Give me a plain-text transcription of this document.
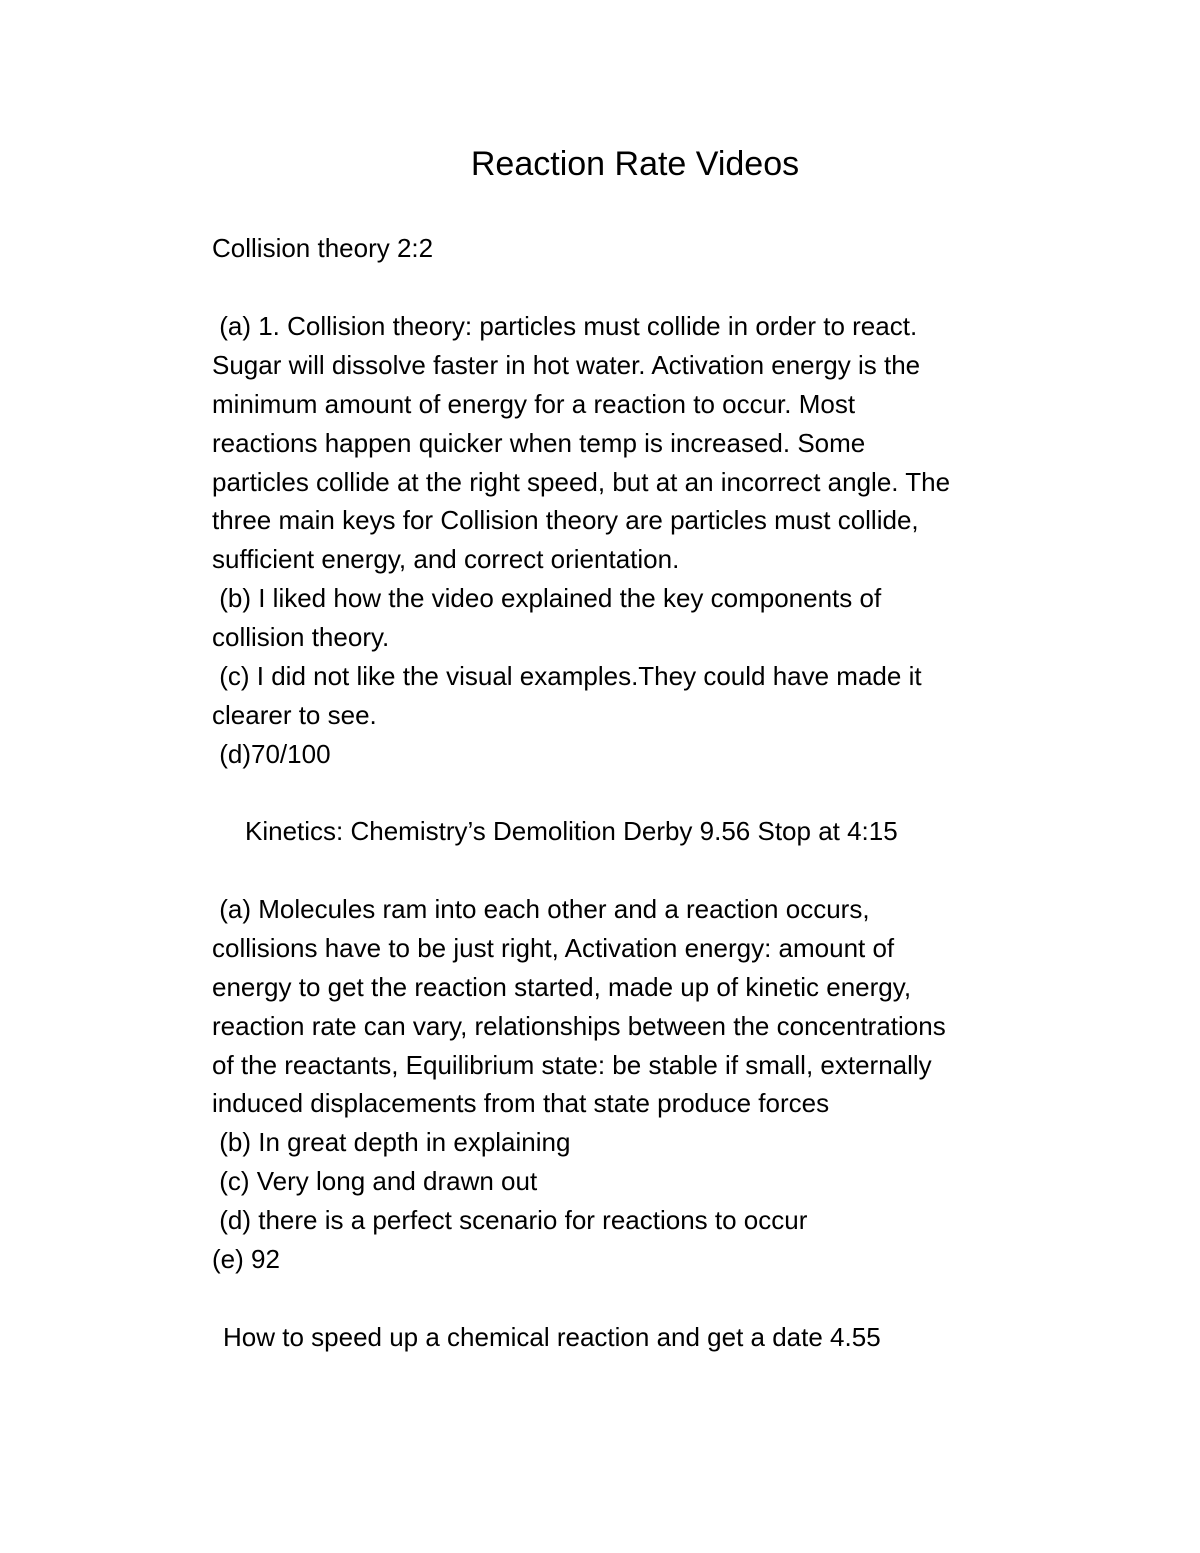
Reaction Rate Videos
Collision theory 2:2
(a) 1. Collision theory: particles must collide in order to react.
Sugar will dissolve faster in hot water. Activation energy is the
minimum amount of energy for a reaction to occur. Most
reactions happen quicker when temp is increased. Some
particles collide at the right speed, but at an incorrect angle. The
three main keys for Collision theory are particles must collide,
sufficient energy, and correct orientation.
(b) I liked how the video explained the key components of
collision theory.
(c) I did not like the visual examples.They could have made it
clearer to see.
(d)70/100
Kinetics: Chemistry’s Demolition Derby 9.56 Stop at 4:15
(a) Molecules ram into each other and a reaction occurs,
collisions have to be just right, Activation energy: amount of
energy to get the reaction started, made up of kinetic energy,
reaction rate can vary, relationships between the concentrations
of the reactants, Equilibrium state: be stable if small, externally
induced displacements from that state produce forces
(b) In great depth in explaining
(c) Very long and drawn out
(d) there is a perfect scenario for reactions to occur
(e) 92
How to speed up a chemical reaction and get a date 4.55
